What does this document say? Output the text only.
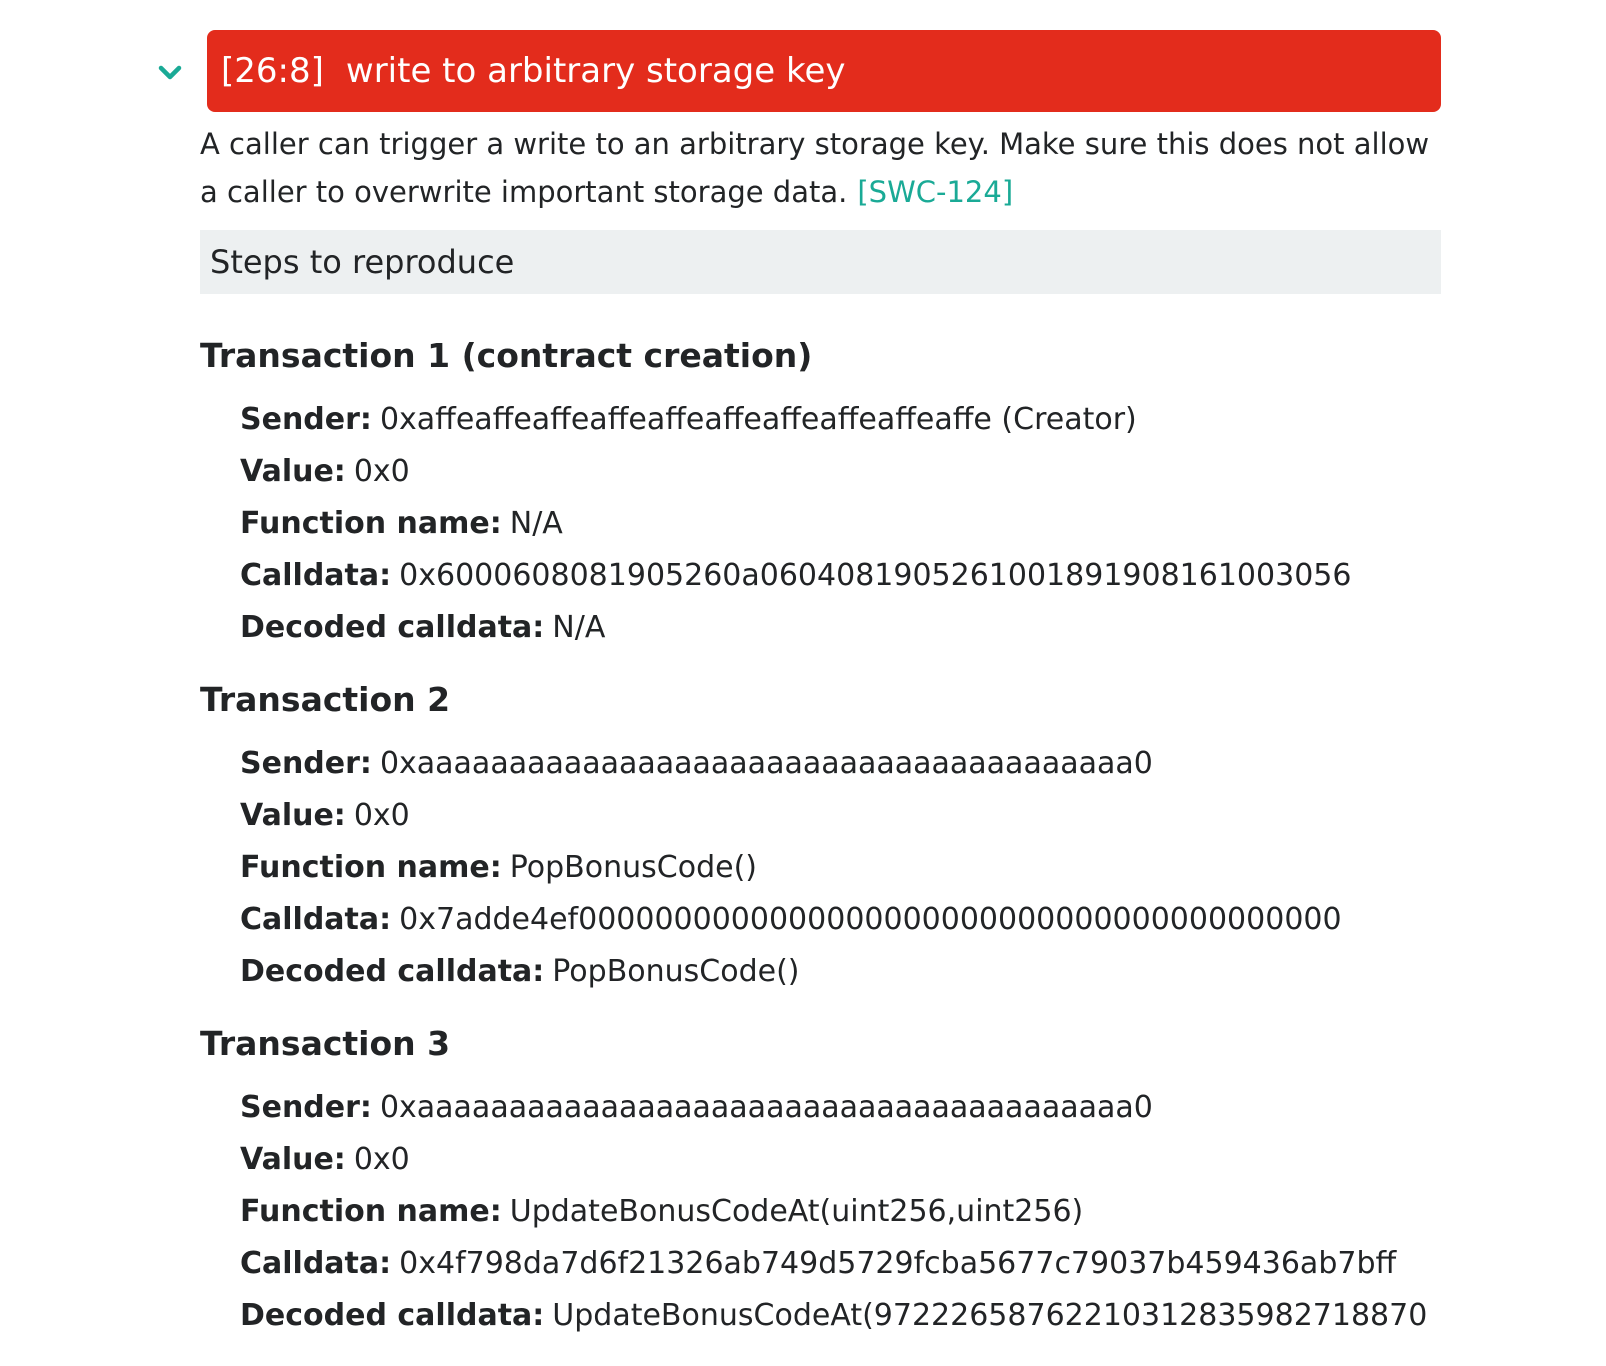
[26:8] write to arbitrary storage key

A caller can trigger a write to an arbitrary storage key. Make sure this does not allow a caller to overwrite important storage data. [SWC-124]

Steps to reproduce
Transaction 1 (contract creation)
Sender: 0xaffeaffeaffeaffeaffeaffeaffeaffeaffeaffe (Creator)
Value: 0x0
Function name: N/A
Calldata: 0x6000608081905260a0604081905261001891908161003056
Decoded calldata: N/A
Transaction 2
Sender: 0xaaaaaaaaaaaaaaaaaaaaaaaaaaaaaaaaaaaaaaa0
Value: 0x0
Function name: PopBonusCode()
Calldata: 0x7adde4ef0000000000000000000000000000000000000000
Decoded calldata: PopBonusCode()
Transaction 3
Sender: 0xaaaaaaaaaaaaaaaaaaaaaaaaaaaaaaaaaaaaaaa0
Value: 0x0
Function name: UpdateBonusCodeAt(uint256,uint256)
Calldata: 0x4f798da7d6f21326ab749d5729fcba5677c79037b459436ab7bff
Decoded calldata: UpdateBonusCodeAt(97222658762210312835982718870
